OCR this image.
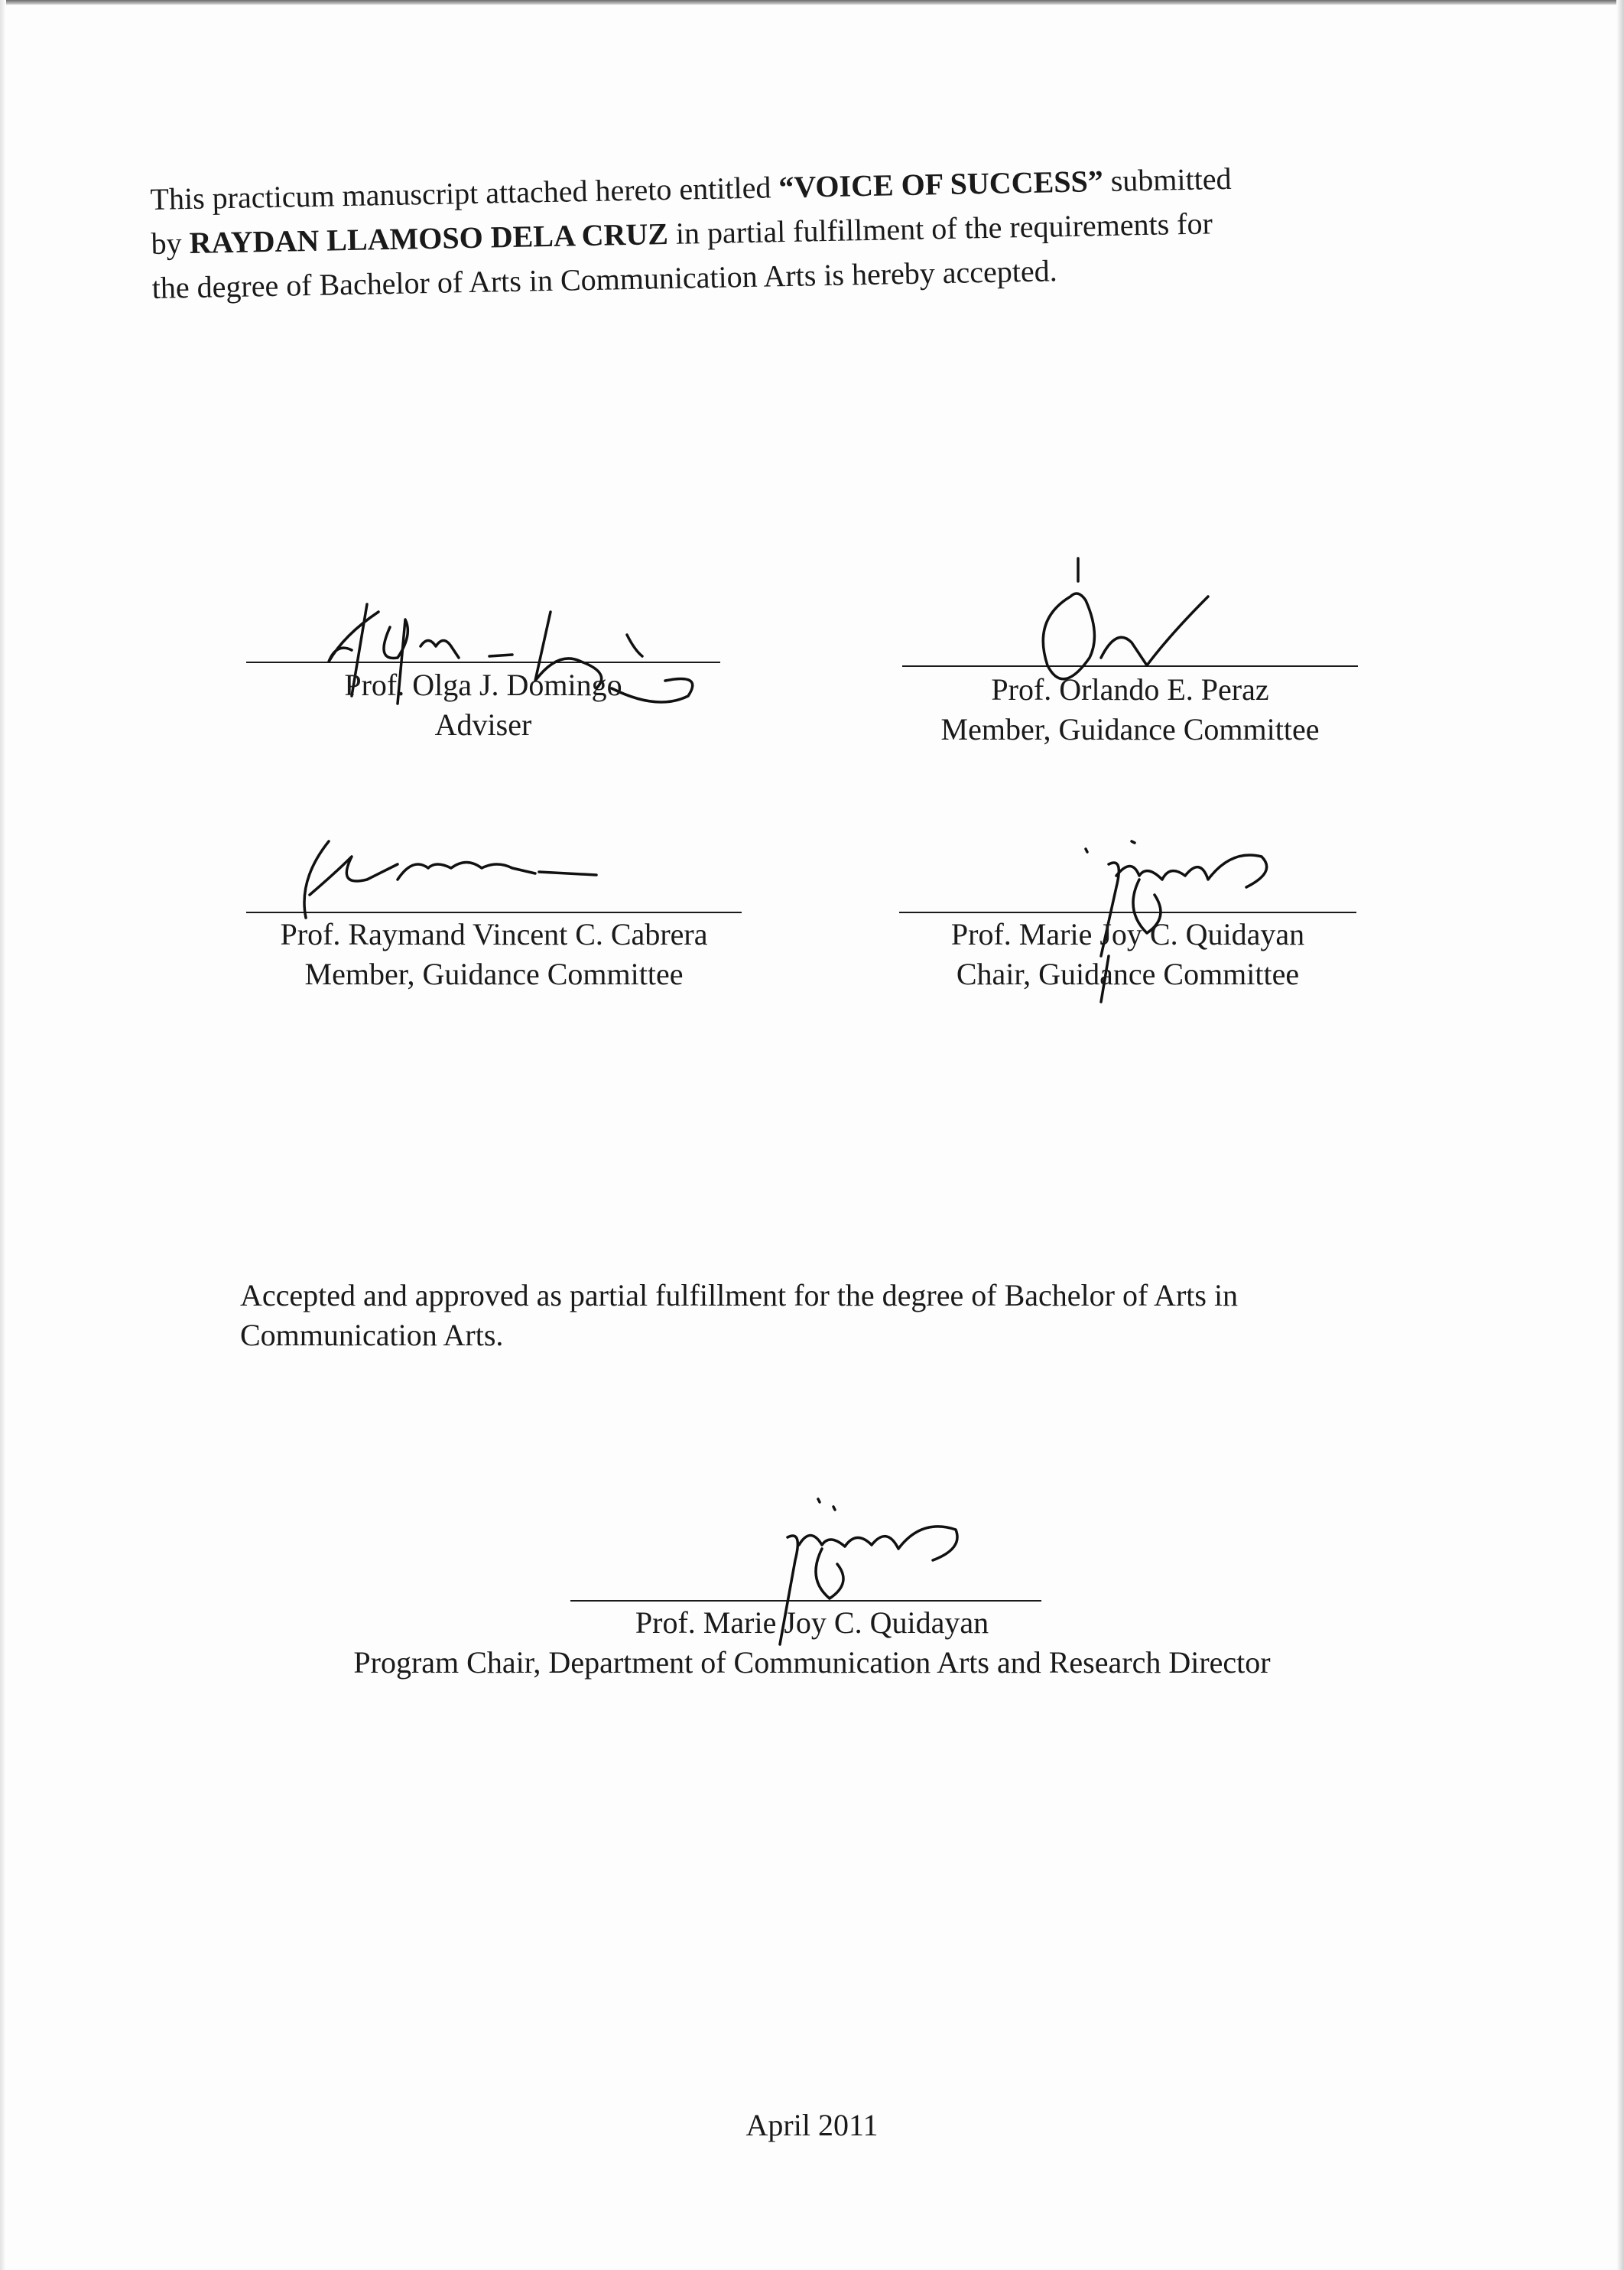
This practicum manuscript attached hereto entitled “VOICE OF SUCCESS” submitted
by RAYDAN LLAMOSO DELA CRUZ in partial fulfillment of the requirements for
the degree of Bachelor of Arts in Communication Arts is hereby accepted.
Prof. Olga J. Domingo
Adviser
Prof. Orlando E. Peraz
Member, Guidance Committee
Prof. Raymand Vincent C. Cabrera
Member, Guidance Committee
Prof. Marie Joy C. Quidayan
Chair, Guidance Committee
Accepted and approved as partial fulfillment for the degree of Bachelor of Arts in
Communication Arts.
Prof. Marie Joy C. Quidayan
Program Chair, Department of Communication Arts and Research Director
April 2011
